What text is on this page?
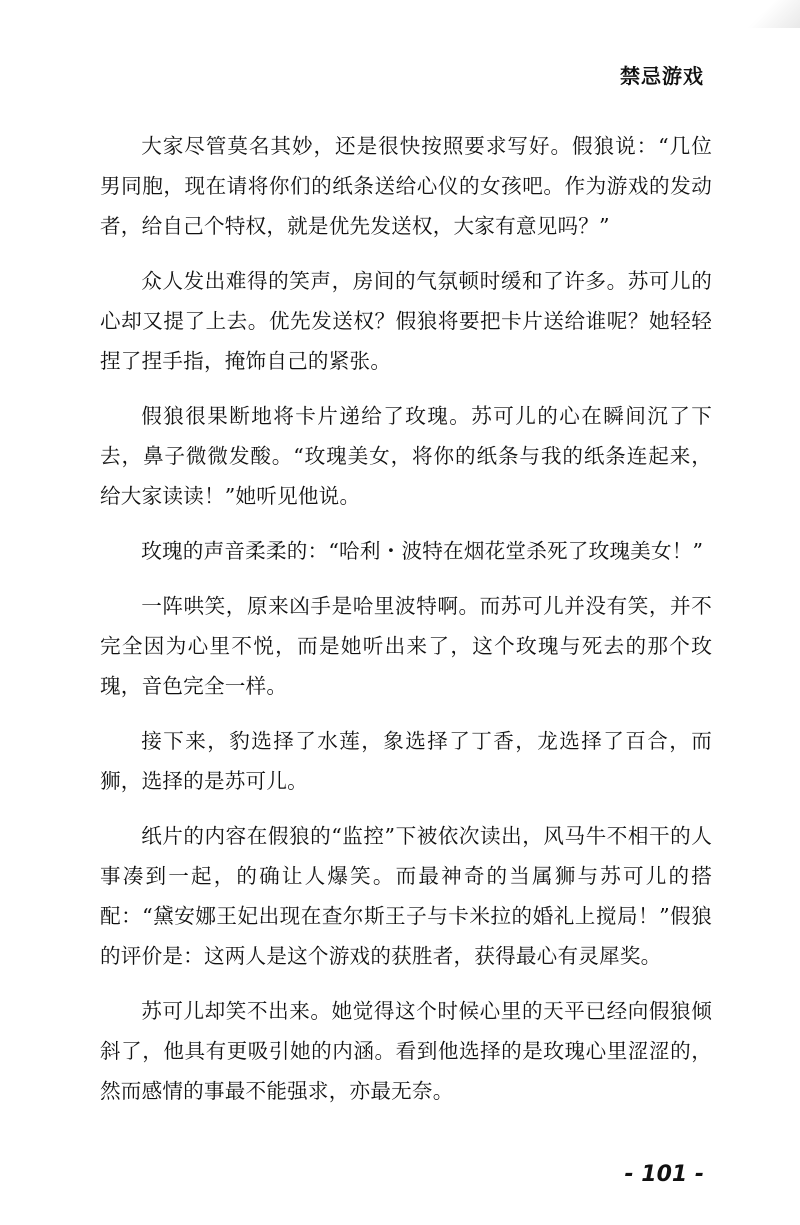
禁忌游戏

大家尽管莫名其妙，还是很快按照要求写好。假狼说：“几位男同胞，现在请将你们的纸条送给心仪的女孩吧。作为游戏的发动者，给自己个特权，就是优先发送权，大家有意见吗？”

众人发出难得的笑声，房间的气氛顿时缓和了许多。苏可儿的心却又提了上去。优先发送权？假狼将要把卡片送给谁呢？她轻轻捏了捏手指，掩饰自己的紧张。

假狼很果断地将卡片递给了玫瑰。苏可儿的心在瞬间沉了下去，鼻子微微发酸。“玫瑰美女，将你的纸条与我的纸条连起来，给大家读读！”她听见他说。

玫瑰的声音柔柔的：“哈利・波特在烟花堂杀死了玫瑰美女！”

一阵哄笑，原来凶手是哈里波特啊。而苏可儿并没有笑，并不完全因为心里不悦，而是她听出来了，这个玫瑰与死去的那个玫瑰，音色完全一样。

接下来，豹选择了水莲，象选择了丁香，龙选择了百合，而狮，选择的是苏可儿。

纸片的内容在假狼的“监控”下被依次读出，风马牛不相干的人事凑到一起，的确让人爆笑。而最神奇的当属狮与苏可儿的搭配：“黛安娜王妃出现在查尔斯王子与卡米拉的婚礼上搅局！”假狼的评价是：这两人是这个游戏的获胜者，获得最心有灵犀奖。

苏可儿却笑不出来。她觉得这个时候心里的天平已经向假狼倾斜了，他具有更吸引她的内涵。看到他选择的是玫瑰心里涩涩的，然而感情的事最不能强求，亦最无奈。

- 101 -
